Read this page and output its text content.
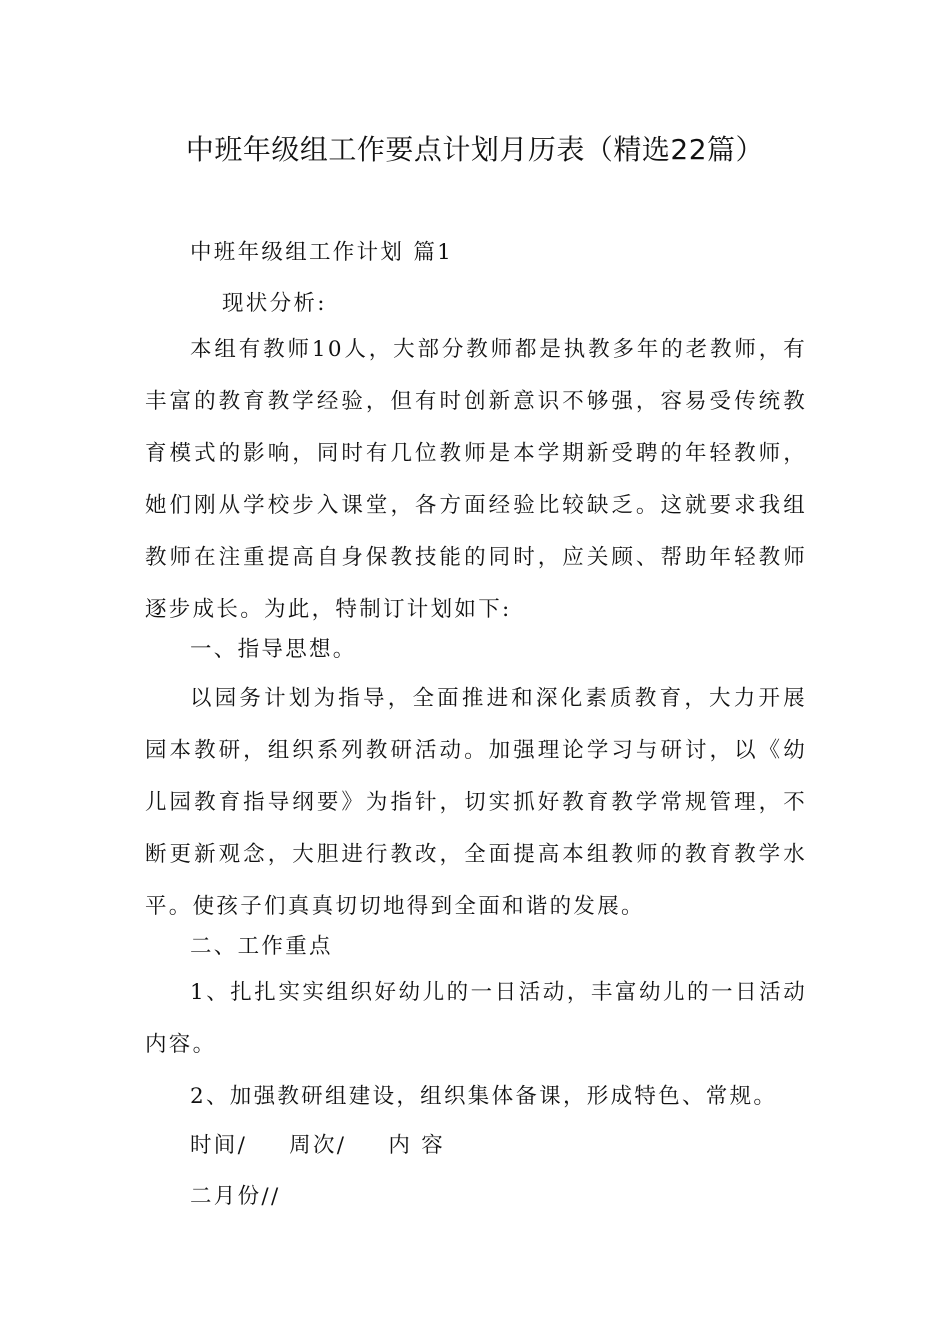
中班年级组工作要点计划月历表（精选22篇）
中班年级组工作计划 篇1
现状分析:

本组有教师10人，大部分教师都是执教多年的老教师，有丰富的教育教学经验，但有时创新意识不够强，容易受传统教育模式的影响，同时有几位教师是本学期新受聘的年轻教师，她们刚从学校步入课堂，各方面经验比较缺乏。这就要求我组教师在注重提高自身保教技能的同时，应关顾、帮助年轻教师逐步成长。为此，特制订计划如下:

一、指导思想。

以园务计划为指导，全面推进和深化素质教育，大力开展园本教研，组织系列教研活动。加强理论学习与研讨，以《幼儿园教育指导纲要》为指针，切实抓好教育教学常规管理，不断更新观念，大胆进行教改，全面提高本组教师的教育教学水平。使孩子们真真切切地得到全面和谐的发展。

二、工作重点

1、扎扎实实组织好幼儿的一日活动，丰富幼儿的一日活动内容。

2、加强教研组建设，组织集体备课，形成特色、常规。
时间/ 周次/ 内 容
二月份//
